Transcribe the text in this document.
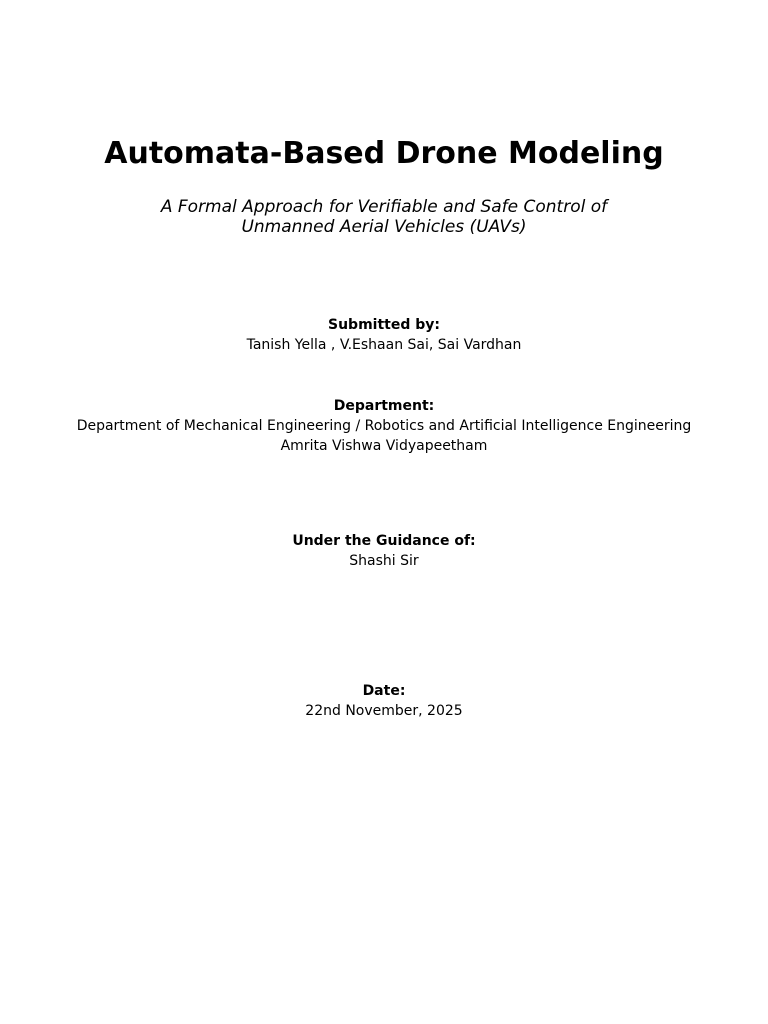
Automata-Based Drone Modeling
A Formal Approach for Verifiable and Safe Control of
Unmanned Aerial Vehicles (UAVs)
Submitted by:
Tanish Yella , V.Eshaan Sai, Sai Vardhan
Department:
Department of Mechanical Engineering / Robotics and Artificial Intelligence Engineering
Amrita Vishwa Vidyapeetham
Under the Guidance of:
Shashi Sir
Date:
22nd November, 2025
